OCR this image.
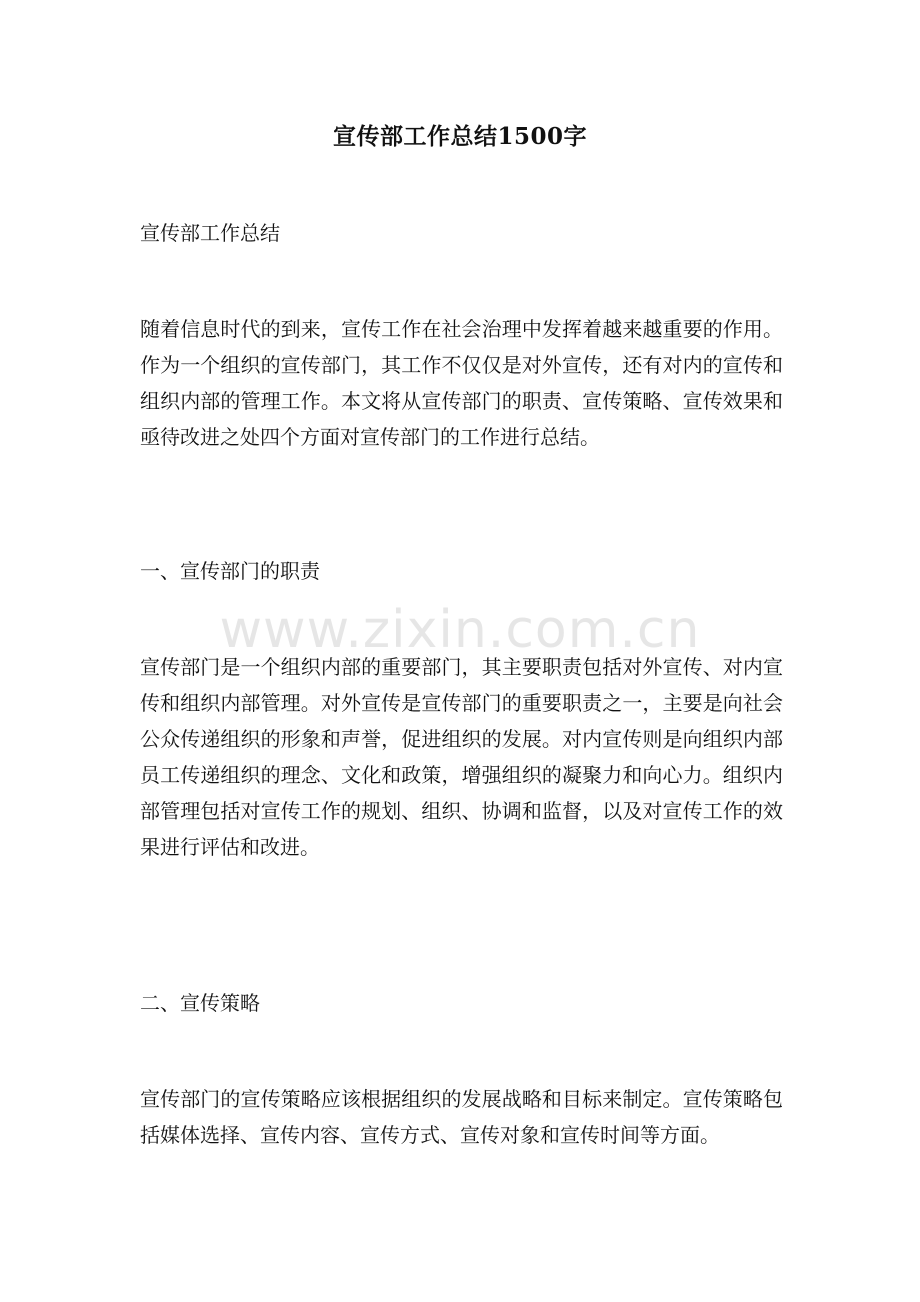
宣传部工作总结1500字
宣传部工作总结
随着信息时代的到来，宣传工作在社会治理中发挥着越来越重要的作用。作为一个组织的宣传部门，其工作不仅仅是对外宣传，还有对内的宣传和组织内部的管理工作。本文将从宣传部门的职责、宣传策略、宣传效果和亟待改进之处四个方面对宣传部门的工作进行总结。
一、宣传部门的职责
宣传部门是一个组织内部的重要部门，其主要职责包括对外宣传、对内宣传和组织内部管理。对外宣传是宣传部门的重要职责之一，主要是向社会公众传递组织的形象和声誉，促进组织的发展。对内宣传则是向组织内部员工传递组织的理念、文化和政策，增强组织的凝聚力和向心力。组织内部管理包括对宣传工作的规划、组织、协调和监督，以及对宣传工作的效果进行评估和改进。
二、宣传策略
宣传部门的宣传策略应该根据组织的发展战略和目标来制定。宣传策略包括媒体选择、宣传内容、宣传方式、宣传对象和宣传时间等方面。
www.zixin.com.cn
